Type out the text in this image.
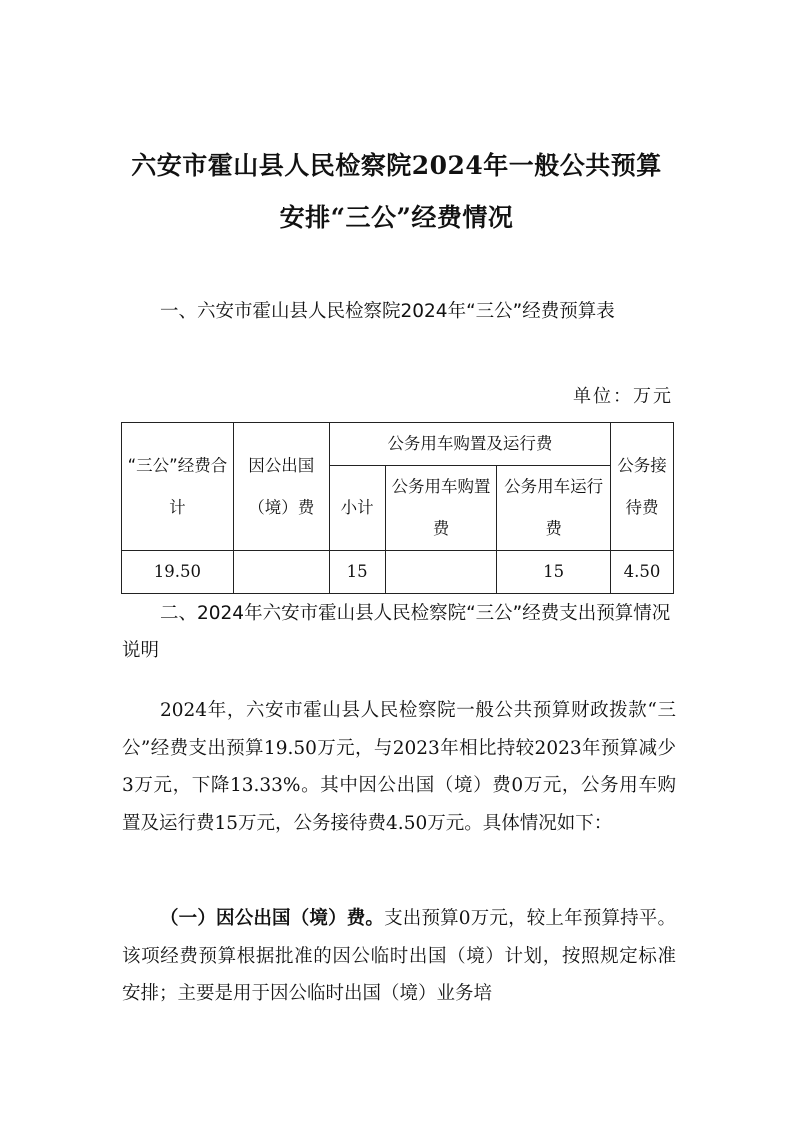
六安市霍山县人民检察院2024年一般公共预算
安排“三公”经费情况

一、六安市霍山县人民检察院2024年“三公”经费预算表

单位：万元
“三公”经费合计	因公出国（境）费	公务用车购置及运行费			公务接待费
		小计	公务用车购置费	公务用车运行费	
19.50		15		15	4.50

二、2024年六安市霍山县人民检察院“三公”经费支出预算情况说明

2024年，六安市霍山县人民检察院一般公共预算财政拨款“三公”经费支出预算19.50万元，与2023年相比持较2023年预算减少3万元，下降13.33%。其中因公出国（境）费0万元，公务用车购置及运行费15万元，公务接待费4.50万元。具体情况如下：

（一）因公出国（境）费。支出预算0万元，较上年预算持平。该项经费预算根据批准的因公临时出国（境）计划，按照规定标准安排；主要是用于因公临时出国（境）业务培
